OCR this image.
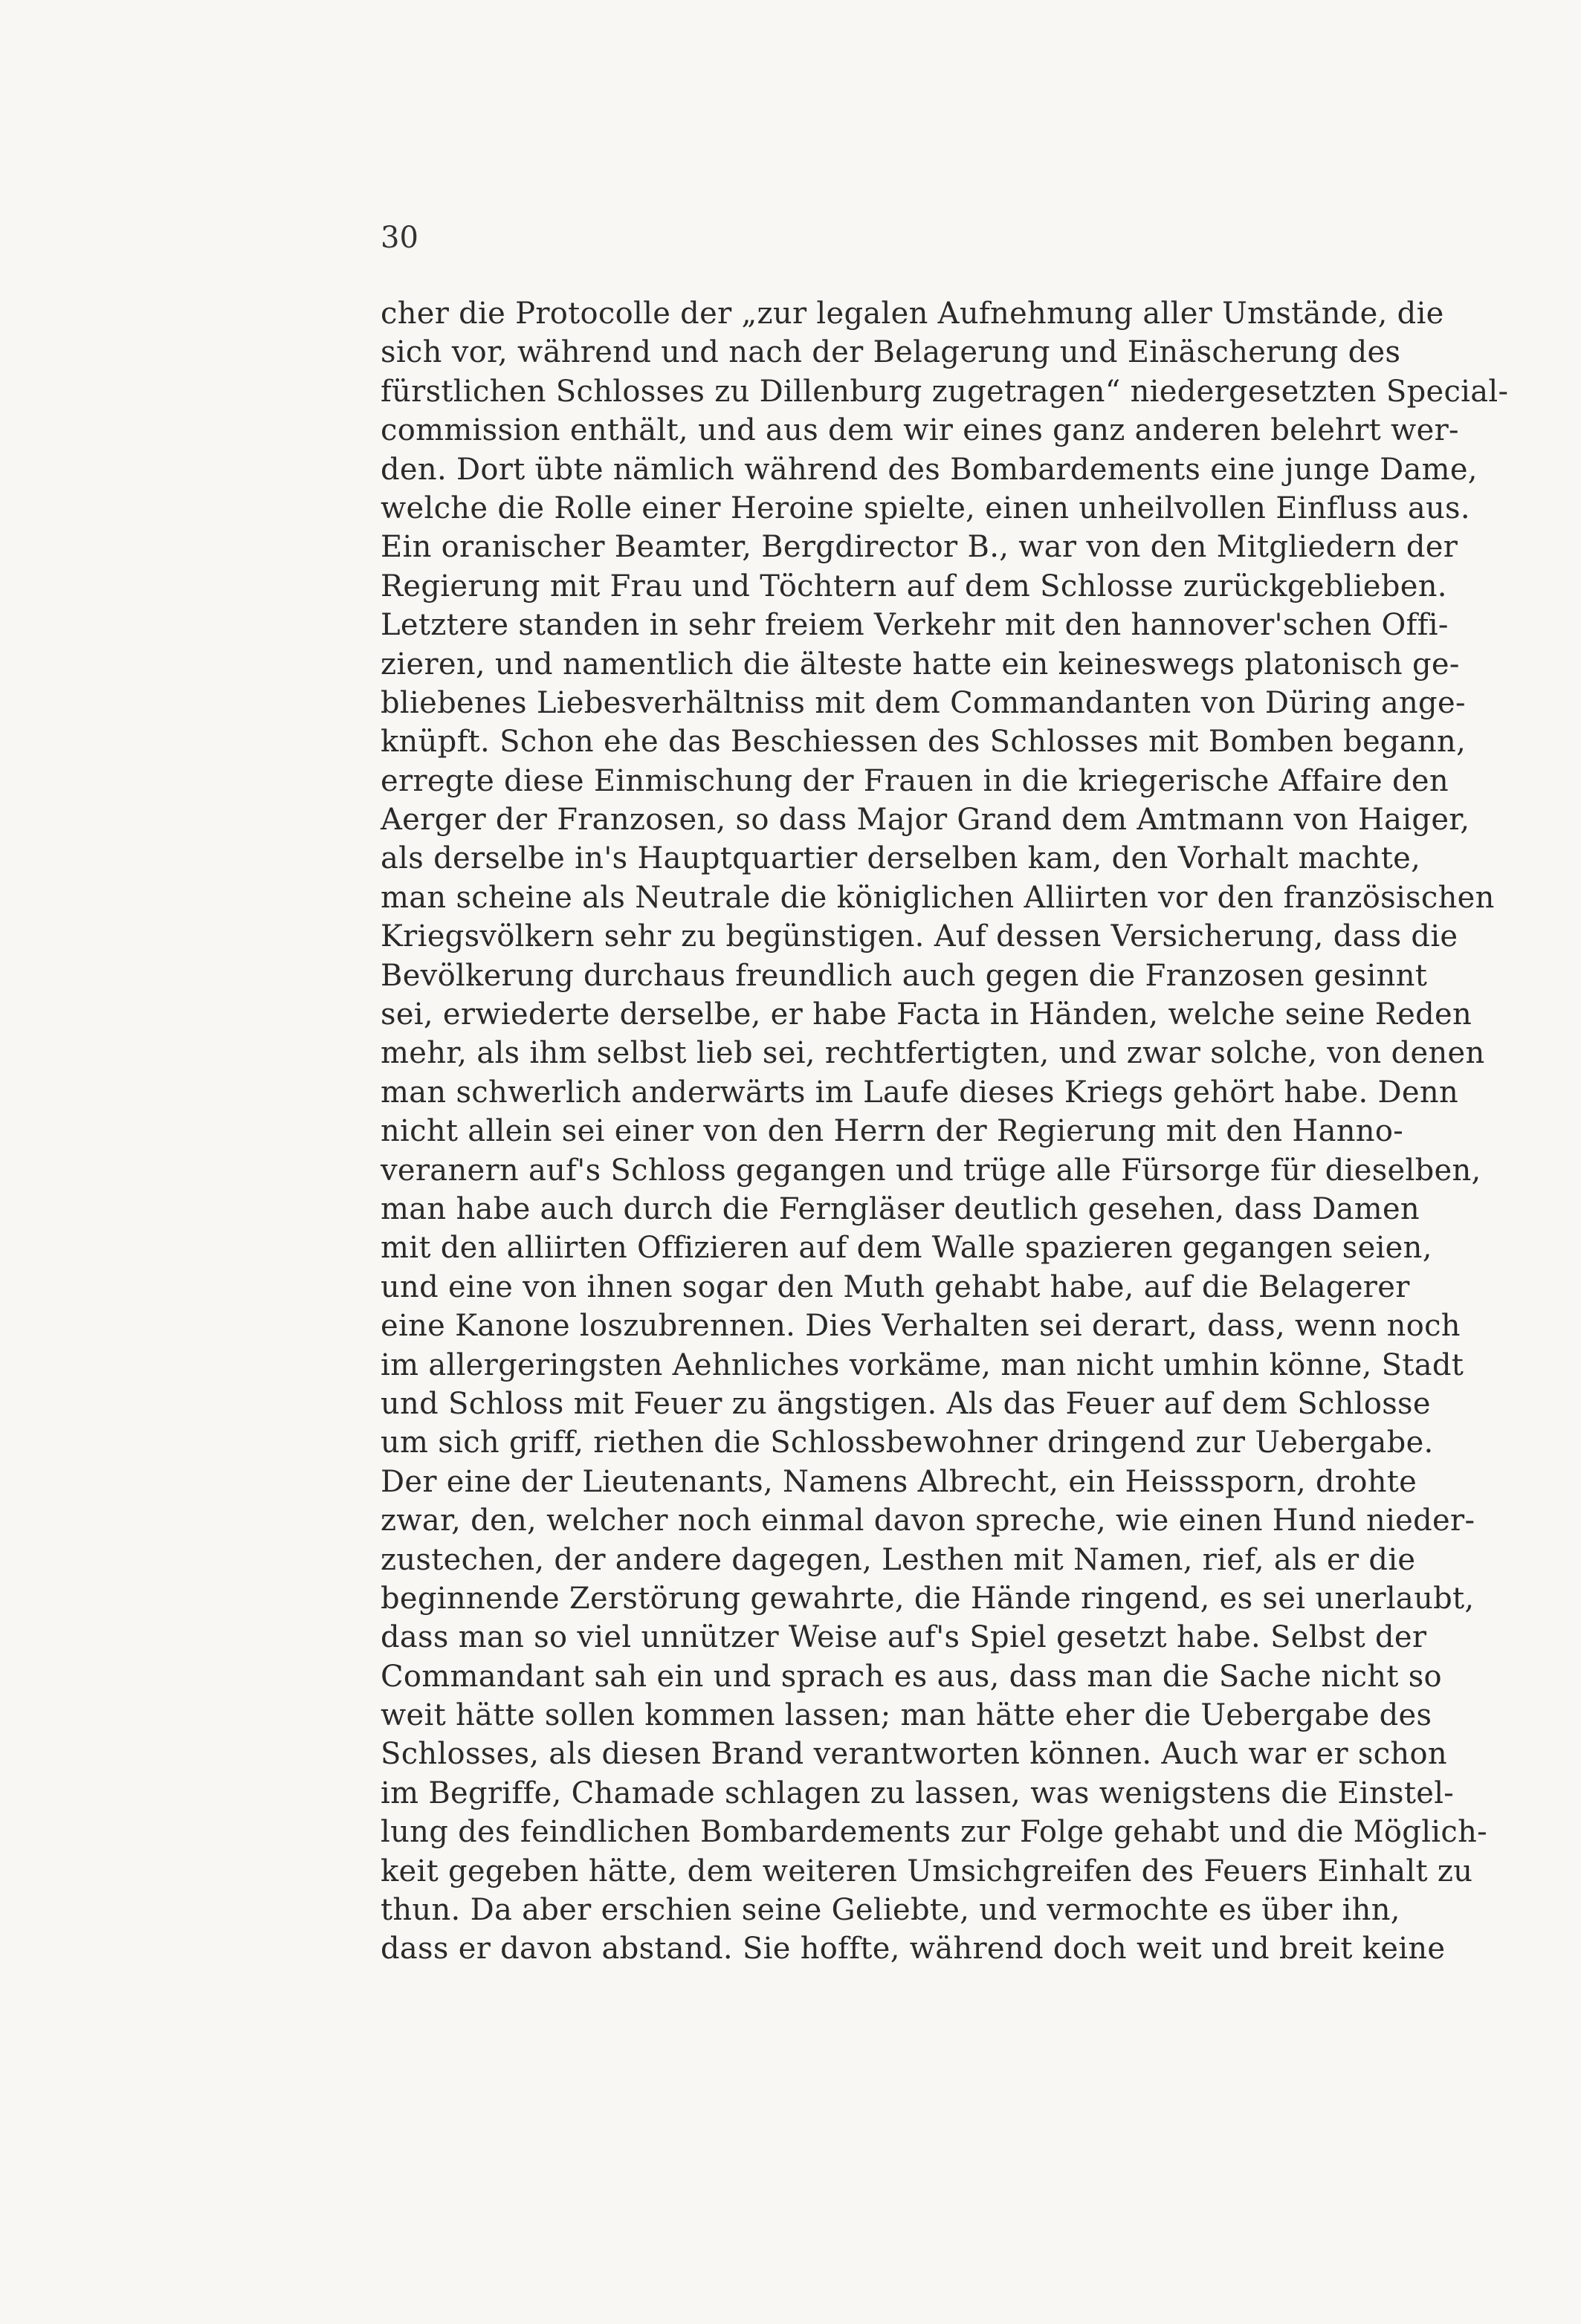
30
cher die Protocolle der „zur legalen Aufnehmung aller Umstände, die
sich vor, während und nach der Belagerung und Einäscherung des
fürstlichen Schlosses zu Dillenburg zugetragen“ niedergesetzten Special-
commission enthält, und aus dem wir eines ganz anderen belehrt wer-
den. Dort übte nämlich während des Bombardements eine junge Dame,
welche die Rolle einer Heroine spielte, einen unheilvollen Einfluss aus.
Ein oranischer Beamter, Bergdirector B., war von den Mitgliedern der
Regierung mit Frau und Töchtern auf dem Schlosse zurückgeblieben.
Letztere standen in sehr freiem Verkehr mit den hannover'schen Offi-
zieren, und namentlich die älteste hatte ein keineswegs platonisch ge-
bliebenes Liebesverhältniss mit dem Commandanten von Düring ange-
knüpft. Schon ehe das Beschiessen des Schlosses mit Bomben begann,
erregte diese Einmischung der Frauen in die kriegerische Affaire den
Aerger der Franzosen, so dass Major Grand dem Amtmann von Haiger,
als derselbe in's Hauptquartier derselben kam, den Vorhalt machte,
man scheine als Neutrale die königlichen Alliirten vor den französischen
Kriegsvölkern sehr zu begünstigen. Auf dessen Versicherung, dass die
Bevölkerung durchaus freundlich auch gegen die Franzosen gesinnt
sei, erwiederte derselbe, er habe Facta in Händen, welche seine Reden
mehr, als ihm selbst lieb sei, rechtfertigten, und zwar solche, von denen
man schwerlich anderwärts im Laufe dieses Kriegs gehört habe. Denn
nicht allein sei einer von den Herrn der Regierung mit den Hanno-
veranern auf's Schloss gegangen und trüge alle Fürsorge für dieselben,
man habe auch durch die Ferngläser deutlich gesehen, dass Damen
mit den alliirten Offizieren auf dem Walle spazieren gegangen seien,
und eine von ihnen sogar den Muth gehabt habe, auf die Belagerer
eine Kanone loszubrennen. Dies Verhalten sei derart, dass, wenn noch
im allergeringsten Aehnliches vorkäme, man nicht umhin könne, Stadt
und Schloss mit Feuer zu ängstigen. Als das Feuer auf dem Schlosse
um sich griff, riethen die Schlossbewohner dringend zur Uebergabe.
Der eine der Lieutenants, Namens Albrecht, ein Heisssporn, drohte
zwar, den, welcher noch einmal davon spreche, wie einen Hund nieder-
zustechen, der andere dagegen, Lesthen mit Namen, rief, als er die
beginnende Zerstörung gewahrte, die Hände ringend, es sei unerlaubt,
dass man so viel unnützer Weise auf's Spiel gesetzt habe. Selbst der
Commandant sah ein und sprach es aus, dass man die Sache nicht so
weit hätte sollen kommen lassen; man hätte eher die Uebergabe des
Schlosses, als diesen Brand verantworten können. Auch war er schon
im Begriffe, Chamade schlagen zu lassen, was wenigstens die Einstel-
lung des feindlichen Bombardements zur Folge gehabt und die Möglich-
keit gegeben hätte, dem weiteren Umsichgreifen des Feuers Einhalt zu
thun. Da aber erschien seine Geliebte, und vermochte es über ihn,
dass er davon abstand. Sie hoffte, während doch weit und breit keine
